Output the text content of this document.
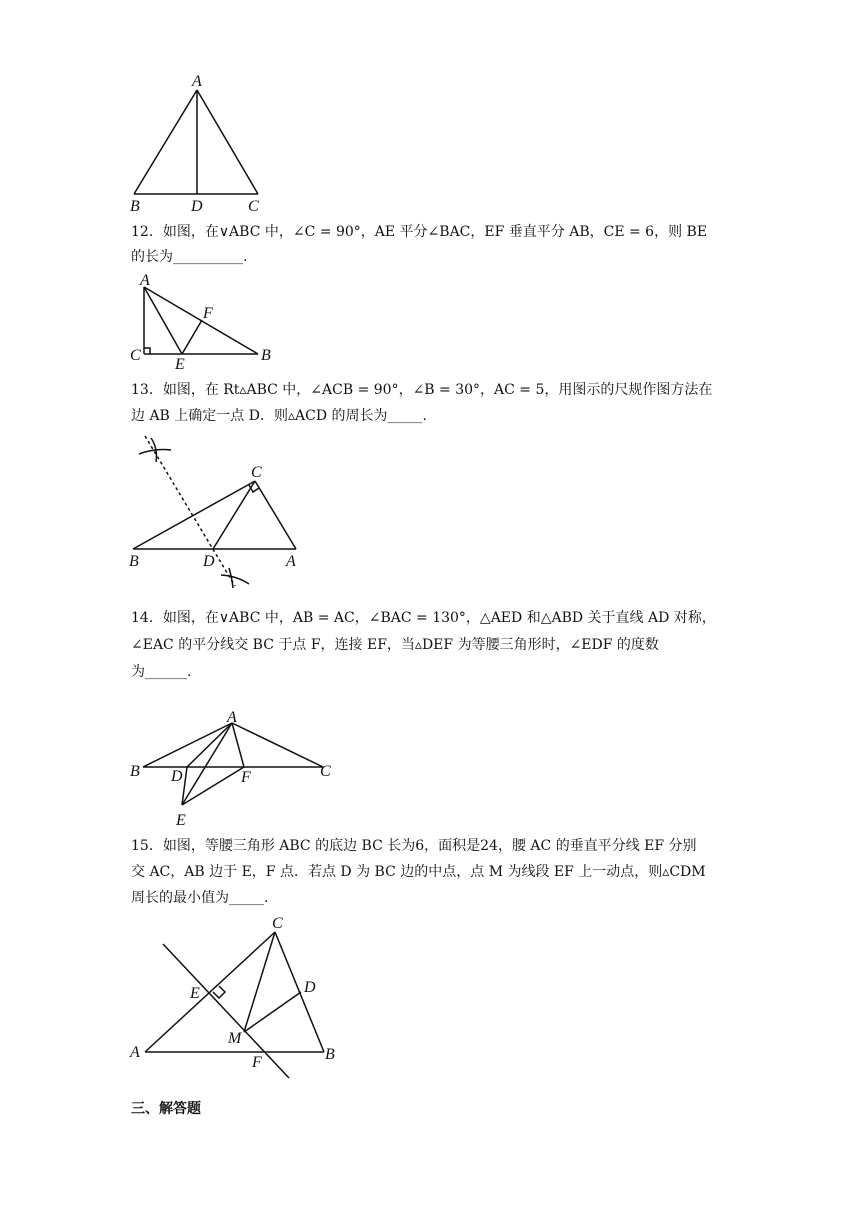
A
B	D	C
12．如图，在∨ABC 中，∠C = 90°，AE 平分∠BAC，EF 垂直平分 AB，CE = 6，则 BE
的长为__________.
A
C
E
F
B
13．如图，在 Rt▵ABC 中，∠ACB = 90°，∠B = 30°，AC = 5，用图示的尺规作图方法在
边 AB 上确定一点 D．则▵ACD 的周长为_____.
C
B	D	A
14．如图，在∨ABC 中，AB = AC，∠BAC = 130°，△AED 和△ABD 关于直线 AD 对称，
∠EAC 的平分线交 BC 于点 F，连接 EF，当▵DEF 为等腰三角形时，∠EDF 的度数
为______.
A
B D	F	C
E
15．如图，等腰三角形 ABC 的底边 BC 长为6，面积是24，腰 AC 的垂直平分线 EF 分别
交 AC，AB 边于 E，F 点．若点 D 为 BC 边的中点，点 M 为线段 EF 上一动点，则▵CDM
周长的最小值为_____.
C
E	D
M
A	B
F
三、解答题
